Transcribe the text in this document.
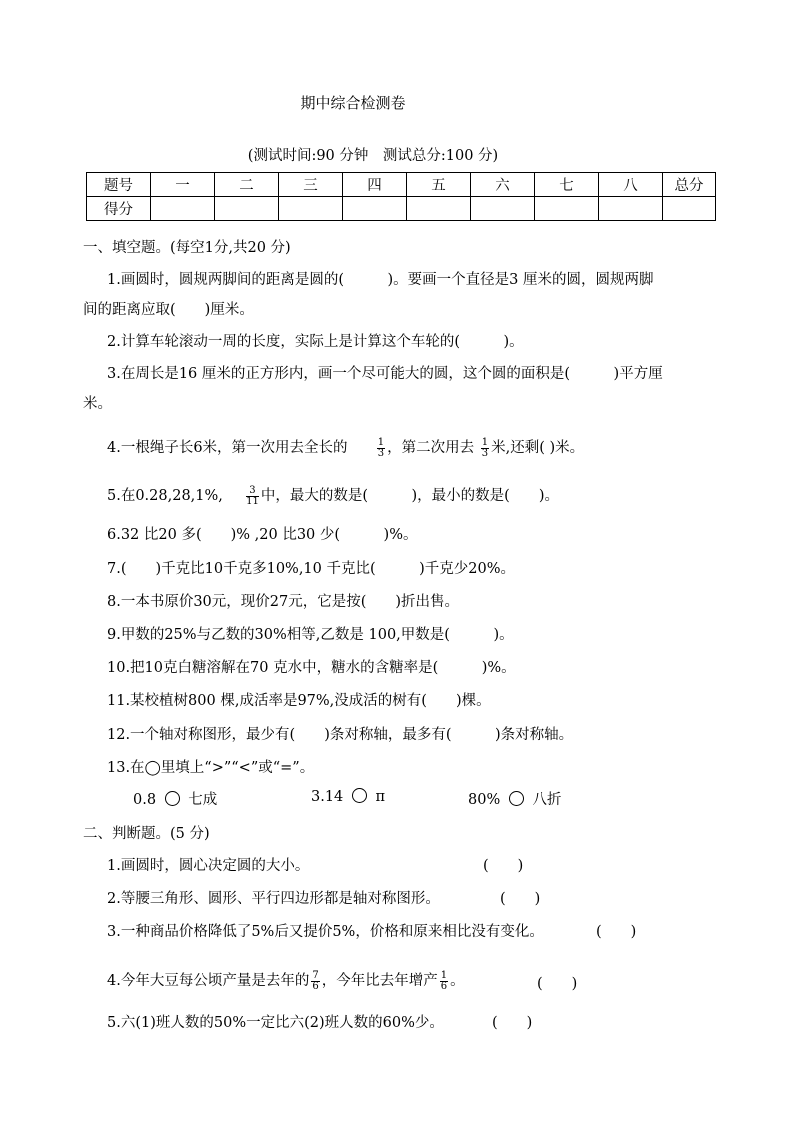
期中综合检测卷
(测试时间:90 分钟　测试总分:100 分)
题号	一	二	三	四	五	六	七	八	总分
得分									
一、填空题。(每空1分,共20 分)
1.画圆时，圆规两脚间的距离是圆的(　　　)。要画一个直径是3 厘米的圆，圆规两脚
间的距离应取(　　)厘米。
2.计算车轮滚动一周的长度，实际上是计算这个车轮的(　　　)。
3.在周长是16 厘米的正方形内，画一个尽可能大的圆，这个圆的面积是(　　　)平方厘
米。
4.一根绳子长6米，第一次用去全长的	$\frac{1}{3}$ ，第二次用去 $\frac{1}{3}$ 米,还剩( )米。
5.在0.28,28,1%, $\frac{3}{11}$ 中，最大的数是(　　　)，最小的数是(　　)。
6.32 比20 多(　　)% ,20 比30 少(　　　)%。
7.(　　)千克比10千克多10%,10 千克比(　　　)千克少20%。
8.一本书原价30元，现价27元，它是按(　　)折出售。
9.甲数的25%与乙数的30%相等,乙数是 100,甲数是(　　　)。
10.把10克白糖溶解在70 克水中，糖水的含糖率是(　　　)%。
11.某校植树800 棵,成活率是97%,没成活的树有(　　)棵。
12.一个轴对称图形，最少有(　　)条对称轴，最多有(　　　)条对称轴。
13.在◯里填上“>”“<”或“=”。
0.8 七成	3.14 π	80% 八折
二、判断题。(5 分)
1.画圆时，圆心决定圆的大小。	(　　)
2.等腰三角形、圆形、平行四边形都是轴对称图形。	(　　)
3.一种商品价格降低了5%后又提价5%，价格和原来相比没有变化。	(　　)
4.今年大豆每公顷产量是去年的 $\frac{7}{6}$ ，今年比去年增产 $\frac{1}{6}$ 。	(　　)
5.六(1)班人数的50%一定比六(2)班人数的60%少。	(　　)
